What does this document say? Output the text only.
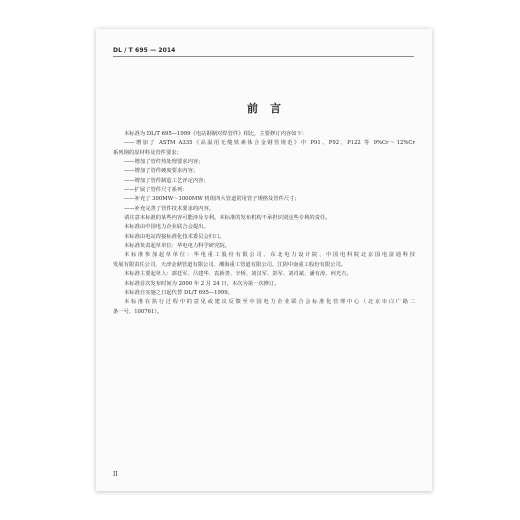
DL / T 695 — 2014
前言
本标准为 DL/T 695—1999《电站钢制对焊管件》相比，主要修订内容如下：
——增加了 ASTM A335《高温用无缝铁素体合金钢管规范》中 P91、P92、P122 等 9%Cr～12%Cr
系列钢的原材料及管件要求；
——增加了管件热处理要求内容；
——增加了管件硬度要求内容；
——增加了管件制造工艺评定内容；
——扩展了管件尺寸系列：
——补充了 300MW～1000MW 机组四大管道常用管子规格及管件尺寸；
——补充完善了管件技术要求的内容。
请注意本标准的某些内容可能涉及专利。本标准的发布机构不承担识别这些专利的责任。
本标准由中国电力企业联合会提出。
本标准由电站焊接标准化技术委员会归口。
本标准负责起草单位：华电电力科学研究院。
本标准参加起草单位：华电重工股份有限公司、东北电力设计院、中国电科院北京国电富通科技
发展有限责任公司、天津金鼎管道有限公司、潮海重工管道有限公司、江阴中南重工股份有限公司。
本标准主要起草人：郭廷军、吕建华、袁新善、辛桥、刘汉军、彭军、刘肖斌、潘有涛、何光吉。
本标准首次发布时间为 2000 年 2 月 24 日，本次为第一次修订。
本标准自实施之日起代替 DL/T 695—1999。
本标准在执行过程中的意见或建议反馈至中国电力企业联合会标准化管理中心（北京市白广路二
条一号，100761）。
II
